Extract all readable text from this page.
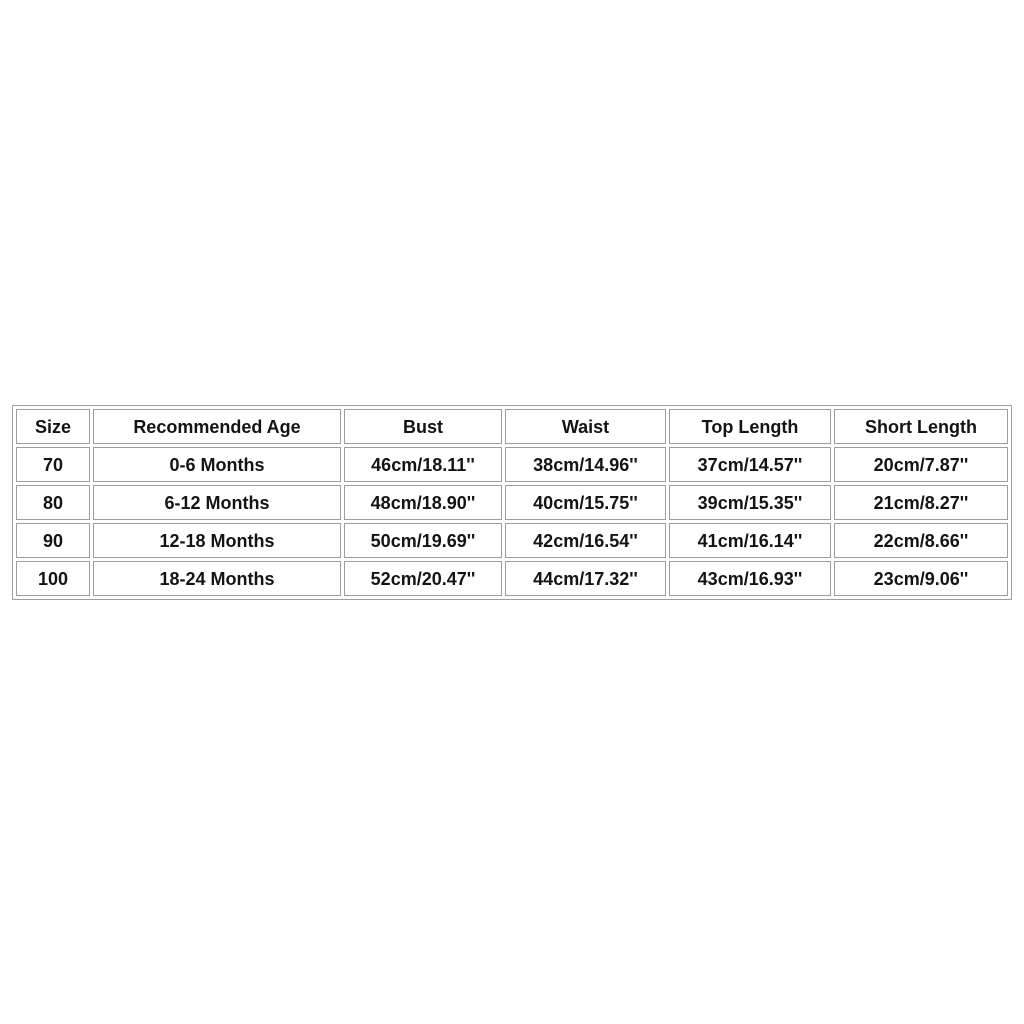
Size	Recommended Age	Bust	Waist	Top Length	Short Length
70	0-6 Months	46cm/18.11''	38cm/14.96''	37cm/14.57''	20cm/7.87''
80	6-12 Months	48cm/18.90''	40cm/15.75''	39cm/15.35''	21cm/8.27''
90	12-18 Months	50cm/19.69''	42cm/16.54''	41cm/16.14''	22cm/8.66''
100	18-24 Months	52cm/20.47''	44cm/17.32''	43cm/16.93''	23cm/9.06''
